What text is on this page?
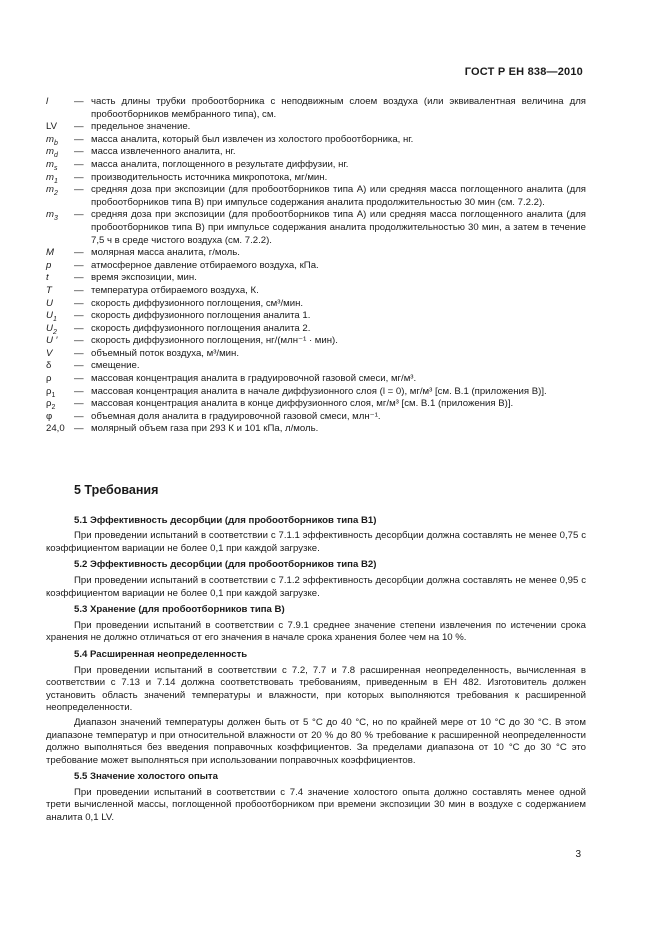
ГОСТ Р ЕН 838—2010
l	— часть длины трубки пробоотборника с неподвижным слоем воздуха (или эквивалентная величина для пробоотборников мембранного типа), см.
LV	— предельное значение.
$m_b$	— масса аналита, который был извлечен из холостого пробоотборника, нг.
$m_d$	— масса извлеченного аналита, нг.
$m_s$	— масса аналита, поглощенного в результате диффузии, нг.
$m_1$	— производительность источника микропотока, мг/мин.
$m_2$	— средняя доза при экспозиции (для пробоотборников типа А) или средняя масса поглощенного аналита (для пробоотборников типа В) при импульсе содержания аналита продолжительностью 30 мин (см. 7.2.2).
$m_3$	— средняя доза при экспозиции (для пробоотборников типа А) или средняя масса поглощенного аналита (для пробоотборников типа В) при импульсе содержания аналита продолжительностью 30 мин, а затем в течение 7,5 ч в среде чистого воздуха (см. 7.2.2).
M	— молярная масса аналита, г/моль.
p	— атмосферное давление отбираемого воздуха, кПа.
t	— время экспозиции, мин.
T	— температура отбираемого воздуха, К.
U	— скорость диффузионного поглощения, см³/мин.
$U_1$	— скорость диффузионного поглощения аналита 1.
$U_2$	— скорость диффузионного поглощения аналита 2.
U ′	— скорость диффузионного поглощения, нг/(млн⁻¹ · мин).
V	— объемный поток воздуха, м³/мин.
δ	— смещение.
ρ	— массовая концентрация аналита в градуировочной газовой смеси, мг/м³.
$\rho_1$	— массовая концентрация аналита в начале диффузионного слоя (l = 0), мг/м³ [см. В.1 (приложения В)].
$\rho_2$	— массовая концентрация аналита в конце диффузионного слоя, мг/м³ [см. В.1 (приложения В)].
φ	— объемная доля аналита в градуировочной газовой смеси, млн⁻¹.
24,0 — молярный объем газа при 293 К и 101 кПа, л/моль.
5 Требования
5.1 Эффективность десорбции (для пробоотборников типа В1)
При проведении испытаний в соответствии с 7.1.1 эффективность десорбции должна составлять не менее 0,75 с коэффициентом вариации не более 0,1 при каждой загрузке.
5.2 Эффективность десорбции (для пробоотборников типа В2)
При проведении испытаний в соответствии с 7.1.2 эффективность десорбции должна составлять не менее 0,95 с коэффициентом вариации не более 0,1 при каждой загрузке.
5.3 Хранение (для пробоотборников типа В)
При проведении испытаний в соответствии с 7.9.1 среднее значение степени извлечения по истечении срока хранения не должно отличаться от его значения в начале срока хранения более чем на 10 %.
5.4 Расширенная неопределенность
При проведении испытаний в соответствии с 7.2, 7.7 и 7.8 расширенная неопределенность, вычисленная в соответствии с 7.13 и 7.14 должна соответствовать требованиям, приведенным в ЕН 482. Изготовитель должен установить область значений температуры и влажности, при которых выполняются требования к расширенной неопределенности.
Диапазон значений температуры должен быть от 5 °С до 40 °С, но по крайней мере от 10 °С до 30 °С. В этом диапазоне температур и при относительной влажности от 20 % до 80 % требование к расширенной неопределенности должно выполняться без введения поправочных коэффициентов. За пределами диапазона от 10 °С до 30 °С это требование может выполняться при использовании поправочных коэффициентов.
5.5 Значение холостого опыта
При проведении испытаний в соответствии с 7.4 значение холостого опыта должно составлять менее одной трети вычисленной массы, поглощенной пробоотборником при времени экспозиции 30 мин в воздухе с содержанием аналита 0,1 LV.
3
